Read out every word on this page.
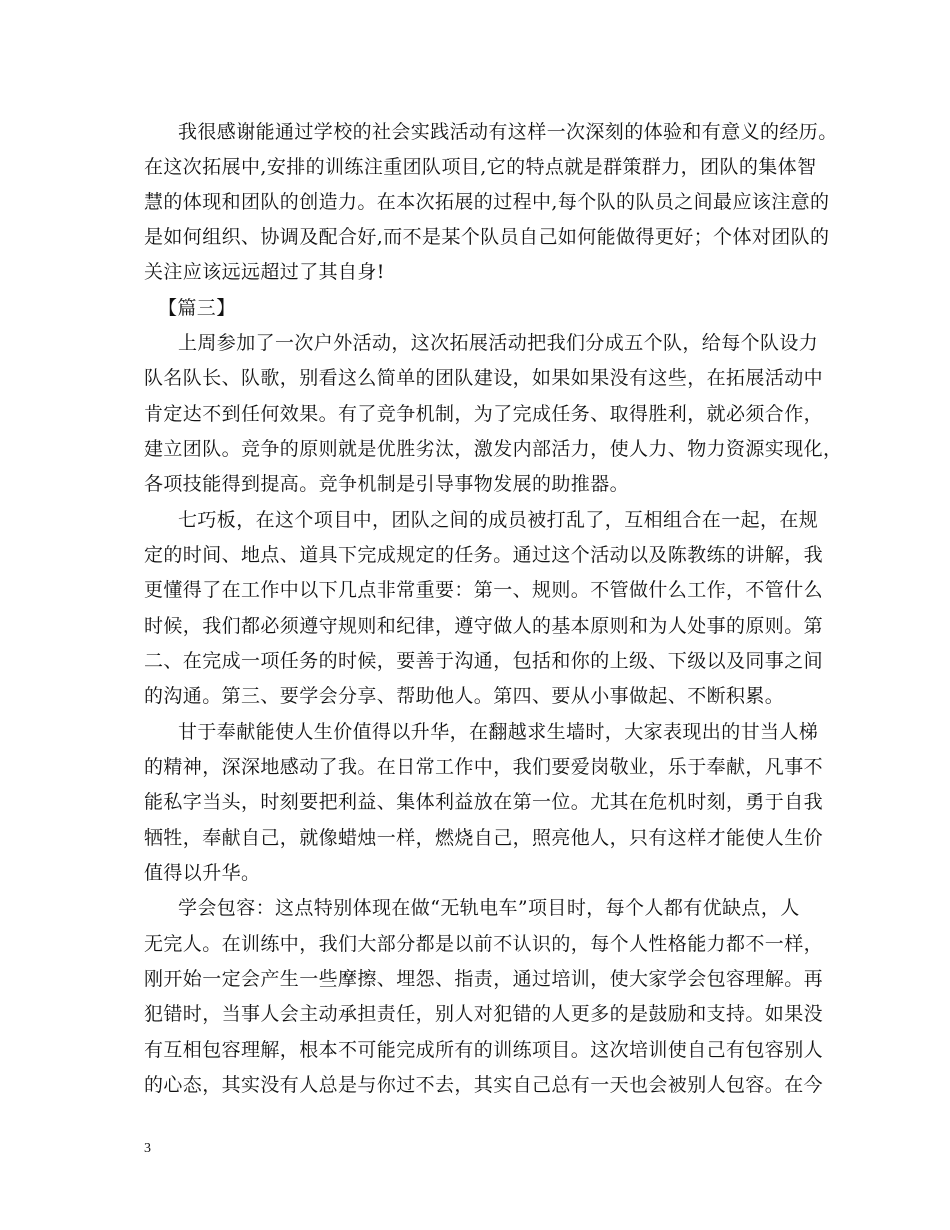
我很感谢能通过学校的社会实践活动有这样一次深刻的体验和有意义的经历。
在这次拓展中,安排的训练注重团队项目,它的特点就是群策群力，团队的集体智
慧的体现和团队的创造力。在本次拓展的过程中,每个队的队员之间最应该注意的
是如何组织、协调及配合好,而不是某个队员自己如何能做得更好；个体对团队的
关注应该远远超过了其自身!
【篇三】
上周参加了一次户外活动，这次拓展活动把我们分成五个队，给每个队设力
队名队长、队歌，别看这么简单的团队建设，如果如果没有这些，在拓展活动中
肯定达不到任何效果。有了竞争机制，为了完成任务、取得胜利，就必须合作，
建立团队。竞争的原则就是优胜劣汰，激发内部活力，使人力、物力资源实现化，
各项技能得到提高。竞争机制是引导事物发展的助推器。
七巧板，在这个项目中，团队之间的成员被打乱了，互相组合在一起，在规
定的时间、地点、道具下完成规定的任务。通过这个活动以及陈教练的讲解，我
更懂得了在工作中以下几点非常重要：第一、规则。不管做什么工作，不管什么
时候，我们都必须遵守规则和纪律，遵守做人的基本原则和为人处事的原则。第
二、在完成一项任务的时候，要善于沟通，包括和你的上级、下级以及同事之间
的沟通。第三、要学会分享、帮助他人。第四、要从小事做起、不断积累。
甘于奉献能使人生价值得以升华，在翻越求生墙时，大家表现出的甘当人梯
的精神，深深地感动了我。在日常工作中，我们要爱岗敬业，乐于奉献，凡事不
能私字当头，时刻要把利益、集体利益放在第一位。尤其在危机时刻，勇于自我
牺牲，奉献自己，就像蜡烛一样，燃烧自己，照亮他人，只有这样才能使人生价
值得以升华。
学会包容：这点特别体现在做“无轨电车”项目时，每个人都有优缺点，人
无完人。在训练中，我们大部分都是以前不认识的，每个人性格能力都不一样，
刚开始一定会产生一些摩擦、埋怨、指责，通过培训，使大家学会包容理解。再
犯错时，当事人会主动承担责任，别人对犯错的人更多的是鼓励和支持。如果没
有互相包容理解，根本不可能完成所有的训练项目。这次培训使自己有包容别人
的心态，其实没有人总是与你过不去，其实自己总有一天也会被别人包容。在今
3
